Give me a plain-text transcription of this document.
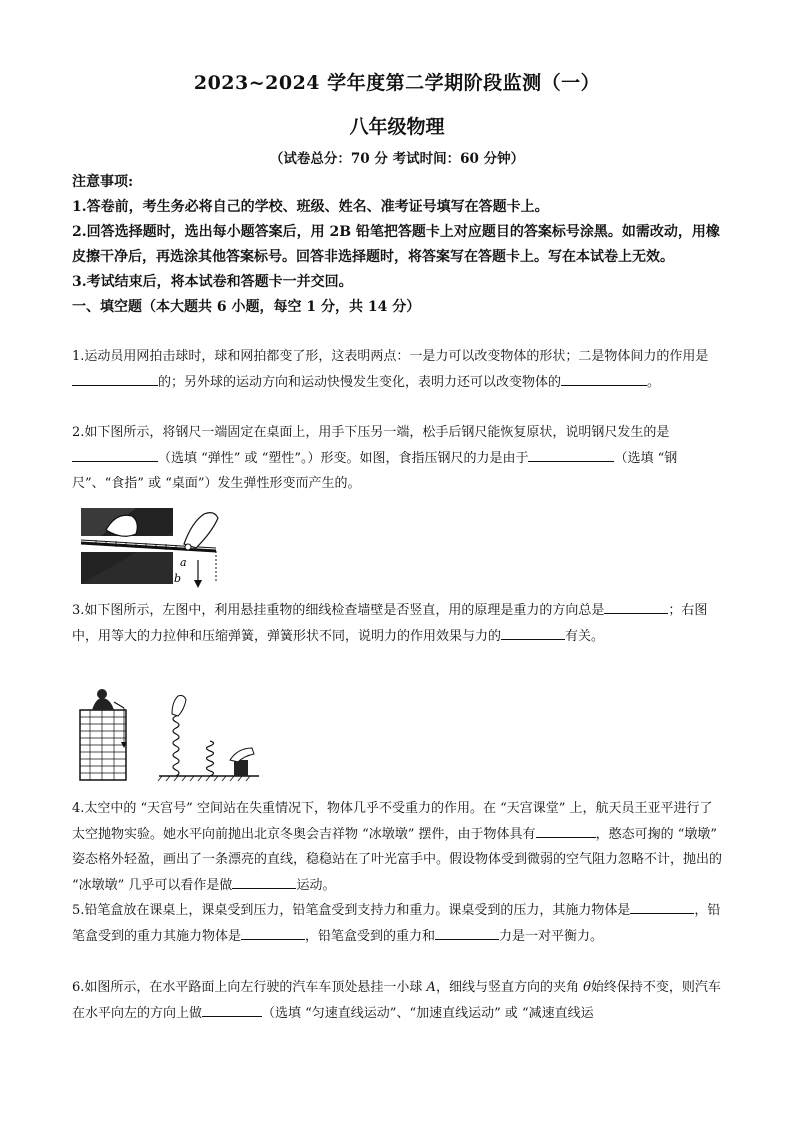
2023~2024 学年度第二学期阶段监测（一）
八年级物理
（试卷总分：70 分 考试时间：60 分钟）
注意事项:
1.答卷前，考生务必将自己的学校、班级、姓名、准考证号填写在答题卡上。
2.回答选择题时，选出每小题答案后，用 2B 铅笔把答题卡上对应题目的答案标号涂黑。如需改动，用橡皮擦干净后，再选涂其他答案标号。回答非选择题时，将答案写在答题卡上。写在本试卷上无效。
3.考试结束后，将本试卷和答题卡一并交回。
一、填空题（本大题共 6 小题，每空 1 分，共 14 分）
1.运动员用网拍击球时，球和网拍都变了形，这表明两点：一是力可以改变物体的形状；二是物体间力的作用是的；另外球的运动方向和运动快慢发生变化，表明力还可以改变物体的	。
2.如下图所示，将钢尺一端固定在桌面上，用手下压另一端，松手后钢尺能恢复原状，说明钢尺发生的是（选填 “弹性” 或 “塑性”。）形变。如图，食指压钢尺的力是由于	（选填 “钢尺”、“食指” 或 “桌面”）发生弹性形变而产生的。
a
b
3.如下图所示，左图中，利用悬挂重物的细线检查墙壁是否竖直，用的原理是重力的方向总是	；右图中，用等大的力拉伸和压缩弹簧，弹簧形状不同，说明力的作用效果与力的	有关。
4.太空中的 “天宫号” 空间站在失重情况下，物体几乎不受重力的作用。在 “天宫课堂” 上，航天员王亚平进行了太空抛物实验。她水平向前抛出北京冬奥会吉祥物 “冰墩墩” 摆件，由于物体具有	，憨态可掬的 “墩墩” 姿态格外轻盈，画出了一条漂亮的直线，稳稳站在了叶光富手中。假设物体受到微弱的空气阻力忽略不计，抛出的 “冰墩墩” 几乎可以看作是做	运动。
5.铅笔盒放在课桌上，课桌受到压力，铅笔盒受到支持力和重力。课桌受到的压力，其施力物体是	，铅笔盒受到的重力其施力物体是	，铅笔盒受到的重力和	力是一对平衡力。
6.如图所示，在水平路面上向左行驶的汽车车顶处悬挂一小球 A，细线与竖直方向的夹角 θ始终保持不变，则汽车在水平向左的方向上做	（选填 “匀速直线运动”、“加速直线运动” 或 “减速直线运
